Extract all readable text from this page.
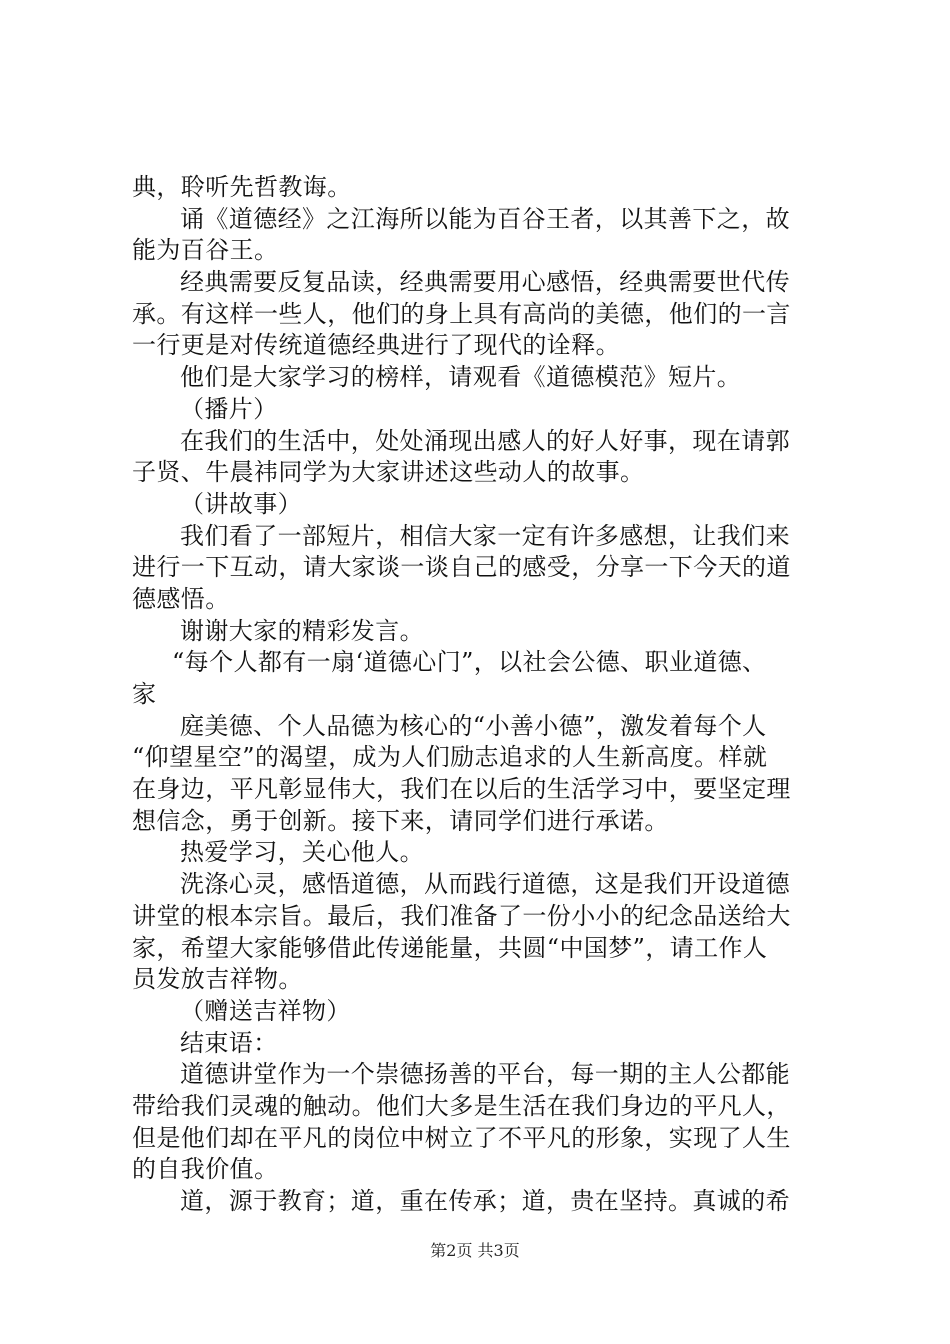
典，聆听先哲教诲。
诵《道德经》之江海所以能为百谷王者，以其善下之，故
能为百谷王。
经典需要反复品读，经典需要用心感悟，经典需要世代传
承。有这样一些人，他们的身上具有高尚的美德，他们的一言
一行更是对传统道德经典进行了现代的诠释。
他们是大家学习的榜样，请观看《道德模范》短片。
（播片）
在我们的生活中，处处涌现出感人的好人好事，现在请郭
子贤、牛晨祎同学为大家讲述这些动人的故事。
（讲故事）
我们看了一部短片，相信大家一定有许多感想，让我们来
进行一下互动，请大家谈一谈自己的感受，分享一下今天的道
德感悟。
谢谢大家的精彩发言。
“每个人都有一扇‘道德心门”，以社会公德、职业道德、
家
庭美德、个人品德为核心的“小善小德”，激发着每个人
“仰望星空”的渴望，成为人们励志追求的人生新高度。样就
在身边，平凡彰显伟大，我们在以后的生活学习中，要坚定理
想信念，勇于创新。接下来，请同学们进行承诺。
热爱学习，关心他人。
洗涤心灵，感悟道德，从而践行道德，这是我们开设道德
讲堂的根本宗旨。最后，我们准备了一份小小的纪念品送给大
家，希望大家能够借此传递能量，共圆“中国梦”，请工作人
员发放吉祥物。
（赠送吉祥物）
结束语：
道德讲堂作为一个崇德扬善的平台，每一期的主人公都能
带给我们灵魂的触动。他们大多是生活在我们身边的平凡人，
但是他们却在平凡的岗位中树立了不平凡的形象，实现了人生
的自我价值。
道，源于教育；道，重在传承；道，贵在坚持。真诚的希
第2页 共3页
